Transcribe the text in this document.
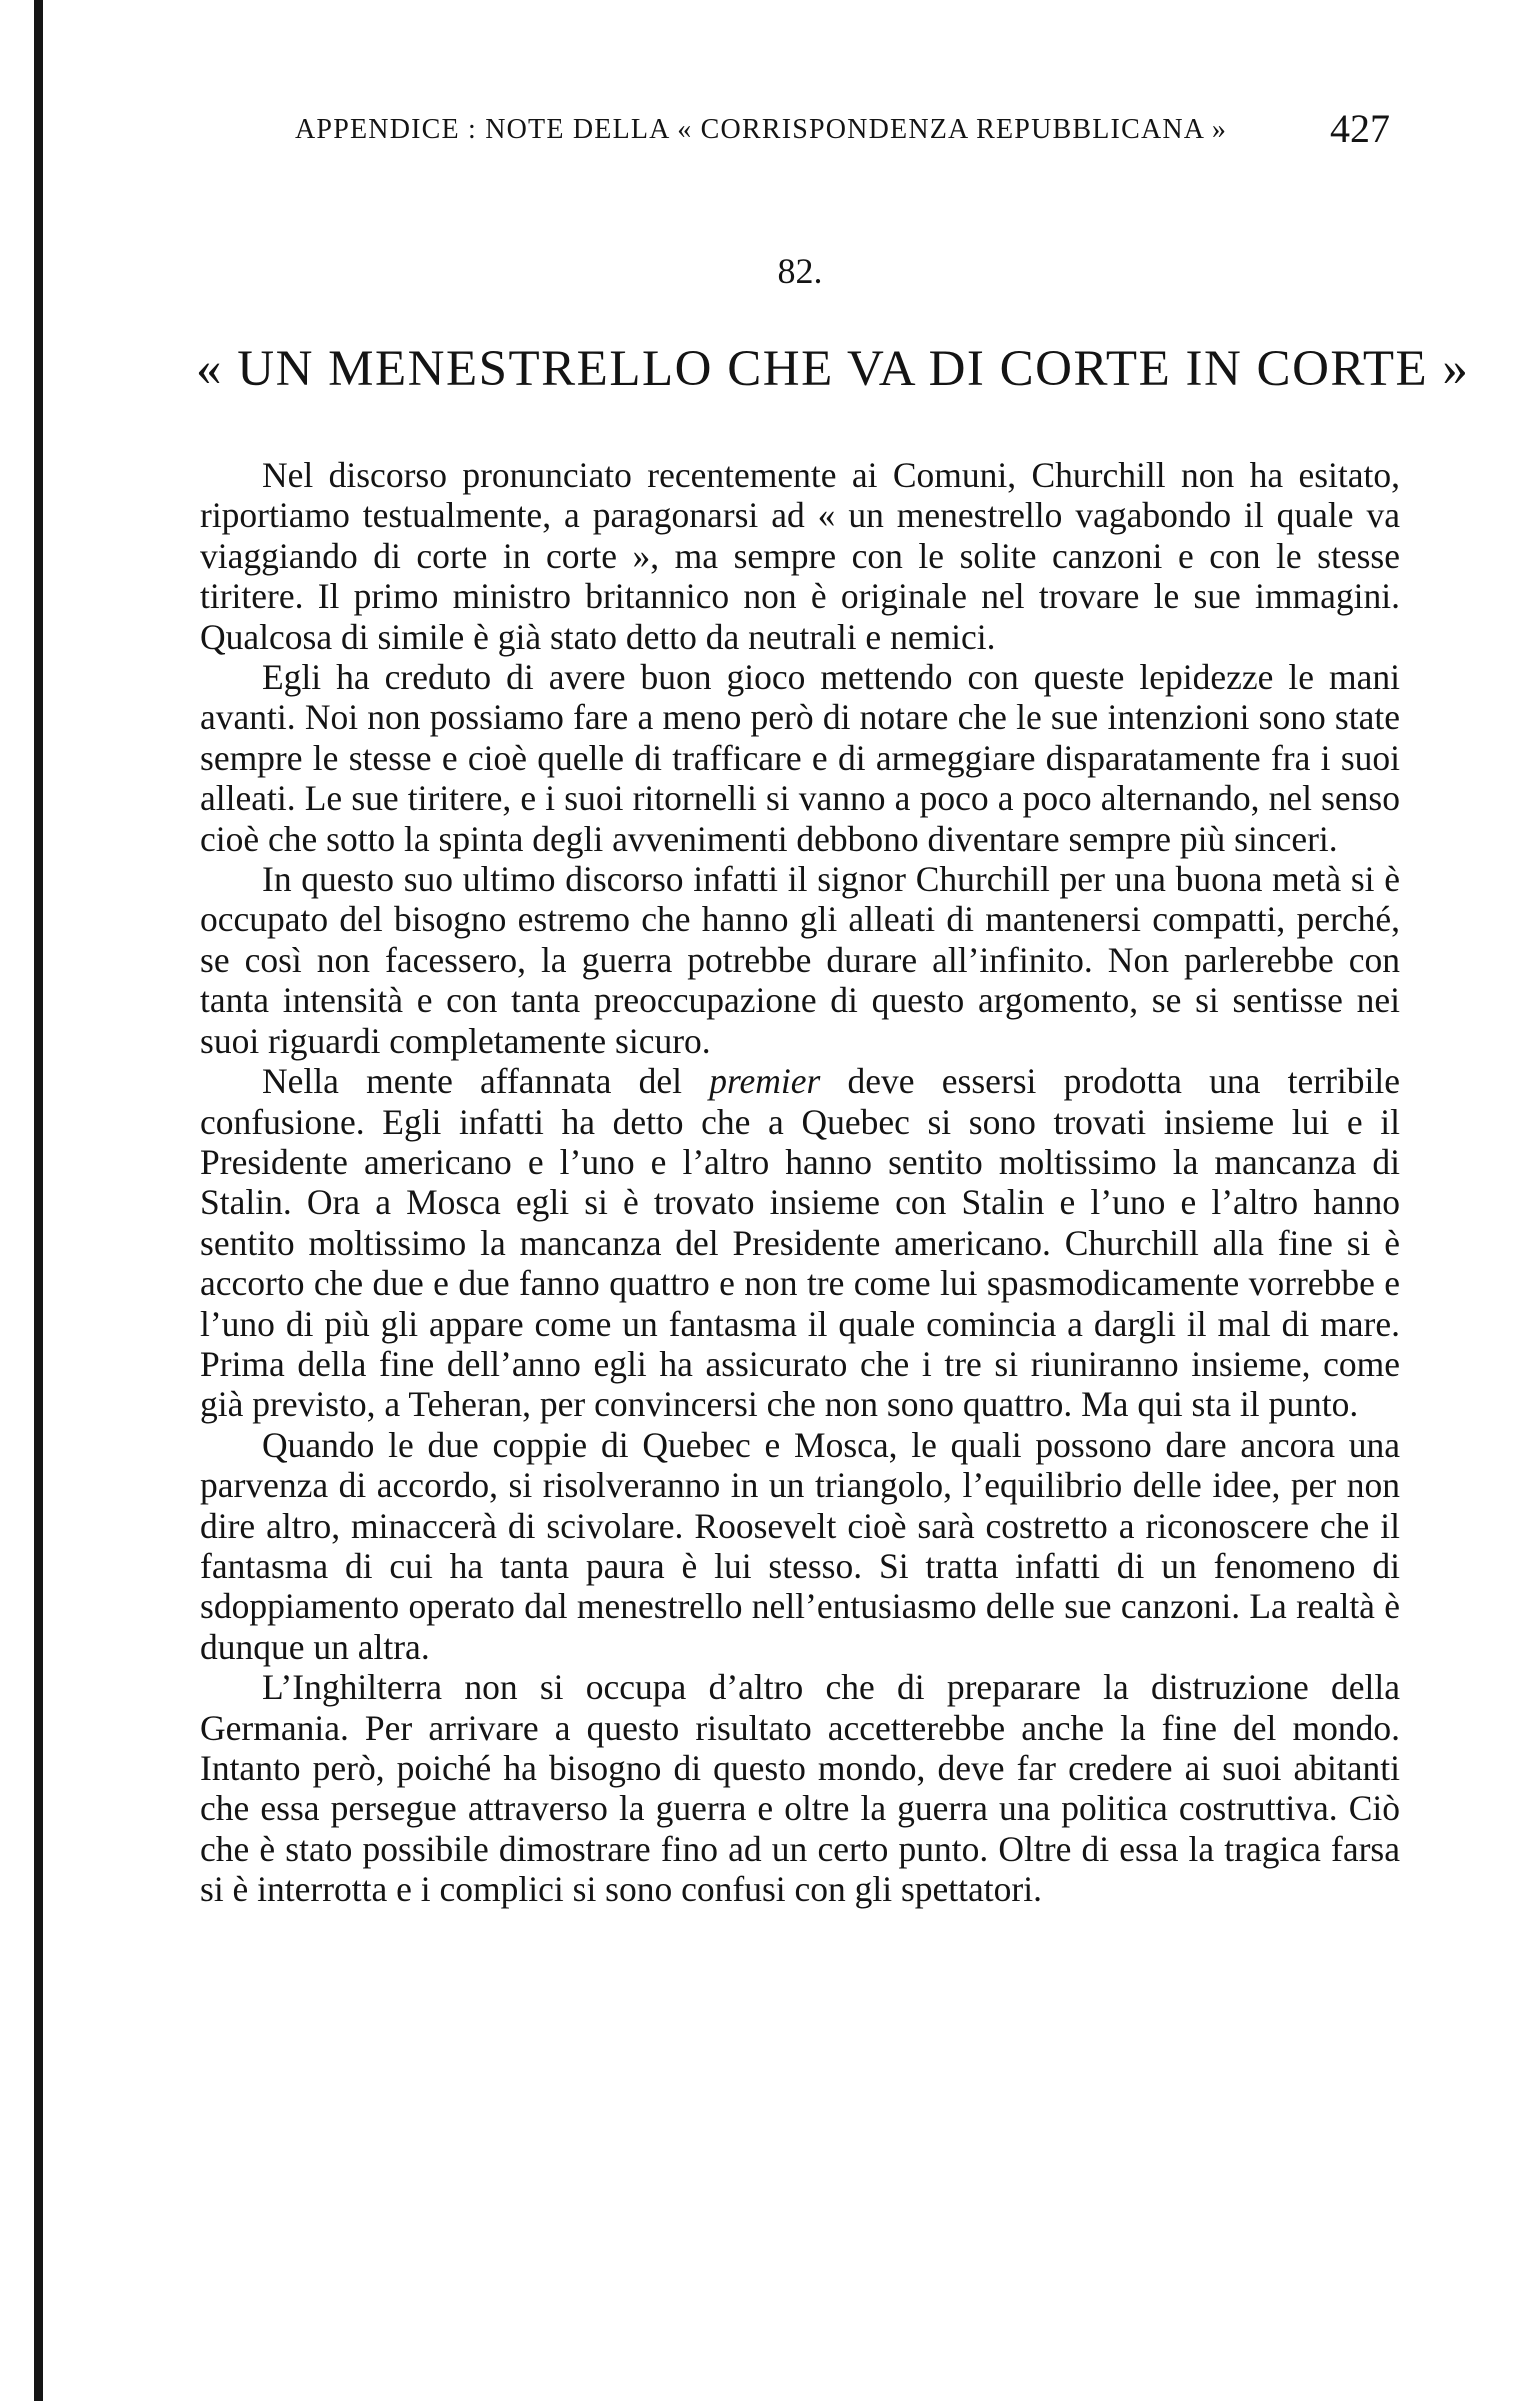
APPENDICE : NOTE DELLA « CORRISPONDENZA REPUBBLICANA »	427
82.
« UN MENESTRELLO CHE VA DI CORTE IN CORTE »

Nel discorso pronunciato recentemente ai Comuni, Churchill non ha esitato, riportiamo testualmente, a paragonarsi ad « un menestrello vagabondo il quale va viaggiando di corte in corte », ma sempre con le solite canzoni e con le stesse tiritere. Il primo ministro britannico non è originale nel trovare le sue immagini. Qualcosa di simile è già stato detto da neutrali e nemici.

Egli ha creduto di avere buon gioco mettendo con queste lepidezze le mani avanti. Noi non possiamo fare a meno però di notare che le sue intenzioni sono state sempre le stesse e cioè quelle di trafficare e di armeggiare disparatamente fra i suoi alleati. Le sue tiritere, e i suoi ritornelli si vanno a poco a poco alternando, nel senso cioè che sotto la spinta degli avvenimenti debbono diventare sempre più sinceri.

In questo suo ultimo discorso infatti il signor Churchill per una buona metà si è occupato del bisogno estremo che hanno gli alleati di mantenersi compatti, perché, se così non facessero, la guerra potrebbe durare all’infinito. Non parlerebbe con tanta intensità e con tanta preoccupazione di questo argomento, se si sentisse nei suoi riguardi completamente sicuro.

Nella mente affannata del premier deve essersi prodotta una terribile confusione. Egli infatti ha detto che a Quebec si sono trovati insieme lui e il Presidente americano e l’uno e l’altro hanno sentito moltissimo la mancanza di Stalin. Ora a Mosca egli si è trovato insieme con Stalin e l’uno e l’altro hanno sentito moltissimo la mancanza del Presidente americano. Churchill alla fine si è accorto che due e due fanno quattro e non tre come lui spasmodicamente vorrebbe e l’uno di più gli appare come un fantasma il quale comincia a dargli il mal di mare. Prima della fine dell’anno egli ha assicurato che i tre si riuniranno insieme, come già previsto, a Teheran, per convincersi che non sono quattro. Ma qui sta il punto.

Quando le due coppie di Quebec e Mosca, le quali possono dare ancora una parvenza di accordo, si risolveranno in un triangolo, l’equilibrio delle idee, per non dire altro, minaccerà di scivolare. Roosevelt cioè sarà costretto a riconoscere che il fantasma di cui ha tanta paura è lui stesso. Si tratta infatti di un fenomeno di sdoppiamento operato dal menestrello nell’entusiasmo delle sue canzoni. La realtà è dunque un altra.

L’Inghilterra non si occupa d’altro che di preparare la distruzione della Germania. Per arrivare a questo risultato accetterebbe anche la fine del mondo. Intanto però, poiché ha bisogno di questo mondo, deve far credere ai suoi abitanti che essa persegue attraverso la guerra e oltre la guerra una politica costruttiva. Ciò che è stato possibile dimostrare fino ad un certo punto. Oltre di essa la tragica farsa si è interrotta e i complici si sono confusi con gli spettatori.
